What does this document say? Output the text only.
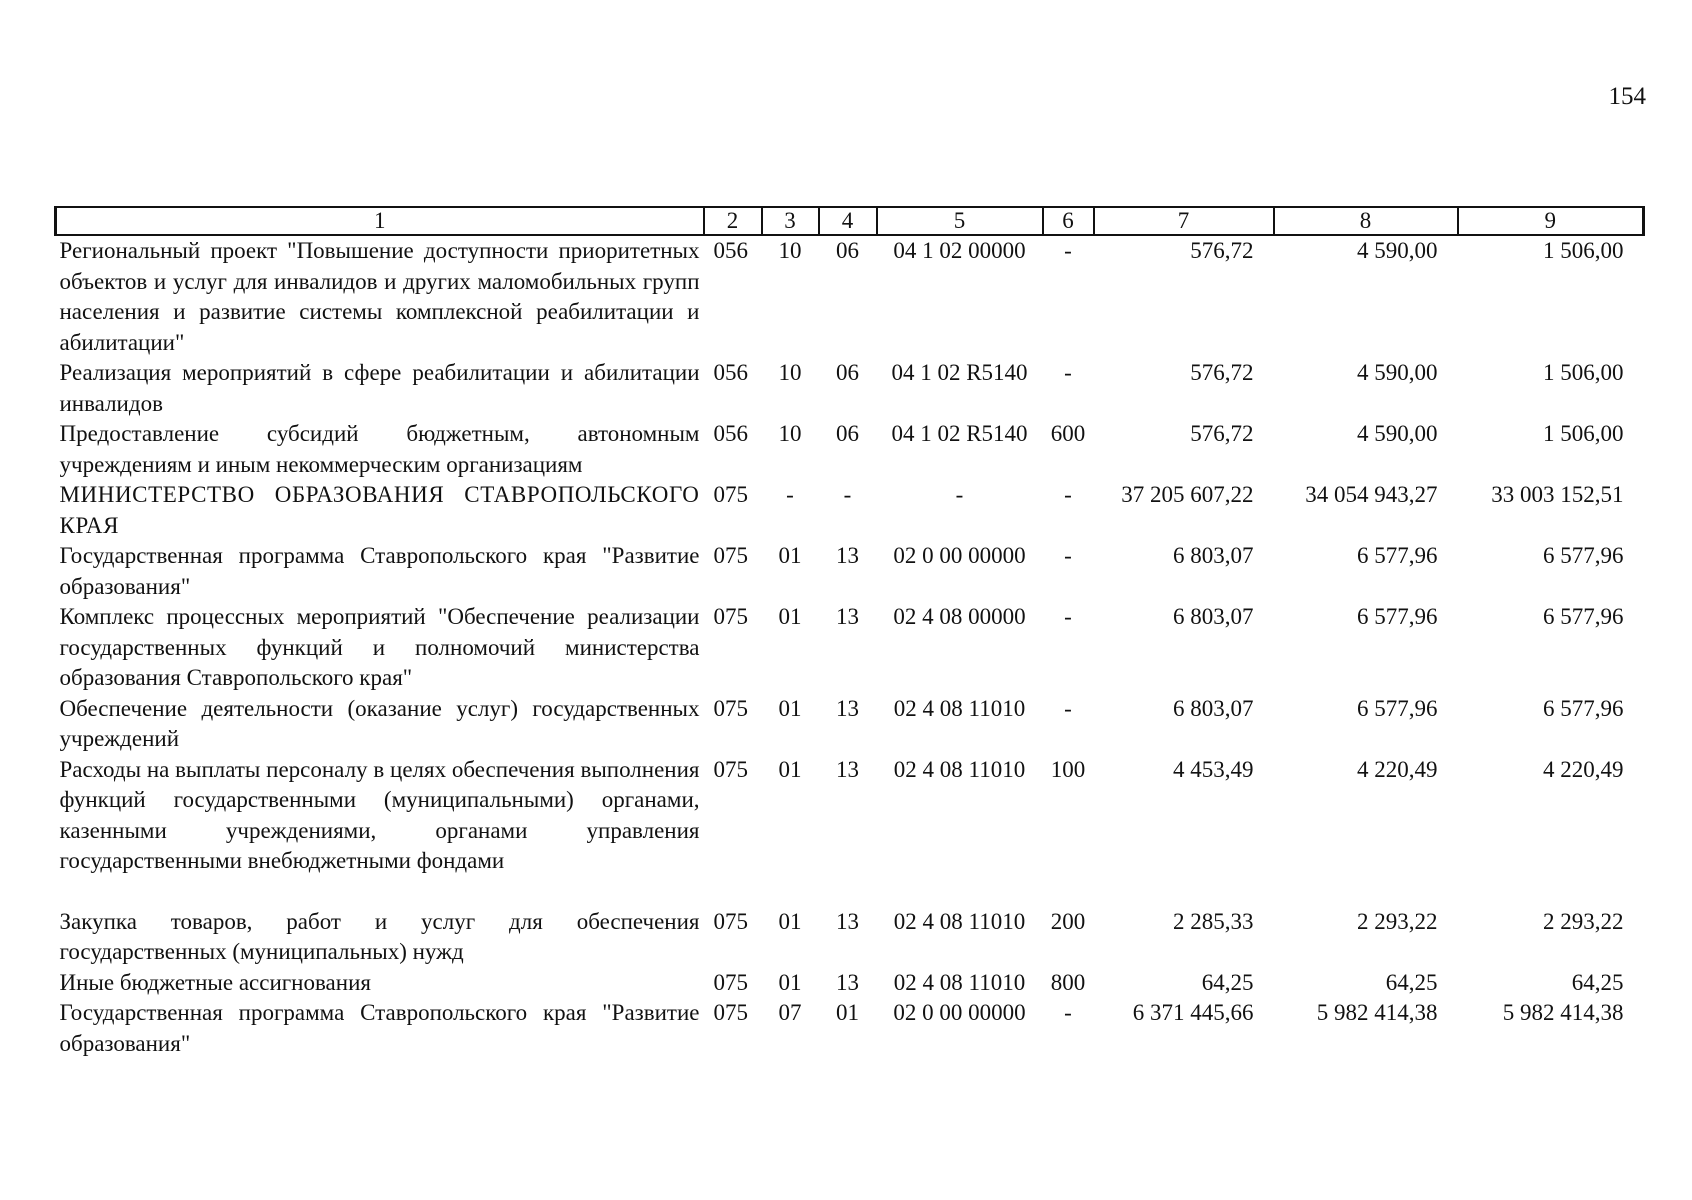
154
1	2	3	4	5	6	7	8	9
Региональный проект "Повышение доступности приоритетных объектов и услуг для инвалидов и других маломобильных групп населения и развитие системы комплексной реабилитации и абилитации"	056	10	06	04 1 02 00000	-	576,72	4 590,00	1 506,00
Реализация мероприятий в сфере реабилитации и абилитации инвалидов	056	10	06	04 1 02 R5140	-	576,72	4 590,00	1 506,00
Предоставление субсидий бюджетным, автономным учреждениям и иным некоммерческим организациям	056	10	06	04 1 02 R5140	600	576,72	4 590,00	1 506,00
МИНИСТЕРСТВО ОБРАЗОВАНИЯ СТАВРОПОЛЬСКОГО КРАЯ	075	-	-	-	-	37 205 607,22	34 054 943,27	33 003 152,51
Государственная программа Ставропольского края "Развитие образования"	075	01	13	02 0 00 00000	-	6 803,07	6 577,96	6 577,96
Комплекс процессных мероприятий "Обеспечение реализации государственных функций и полномочий министерства образования Ставропольского края"	075	01	13	02 4 08 00000	-	6 803,07	6 577,96	6 577,96
Обеспечение деятельности (оказание услуг) государственных учреждений	075	01	13	02 4 08 11010	-	6 803,07	6 577,96	6 577,96
Расходы на выплаты персоналу в целях обеспечения выполнения функций государственными (муниципальными) органами, казенными учреждениями, органами управления государственными внебюджетными фондами	075	01	13	02 4 08 11010	100	4 453,49	4 220,49	4 220,49

Закупка товаров, работ и услуг для обеспечения государственных (муниципальных) нужд	075	01	13	02 4 08 11010	200	2 285,33	2 293,22	2 293,22
Иные бюджетные ассигнования	075	01	13	02 4 08 11010	800	64,25	64,25	64,25
Государственная программа Ставропольского края "Развитие образования"	075	07	01	02 0 00 00000	-	6 371 445,66	5 982 414,38	5 982 414,38
